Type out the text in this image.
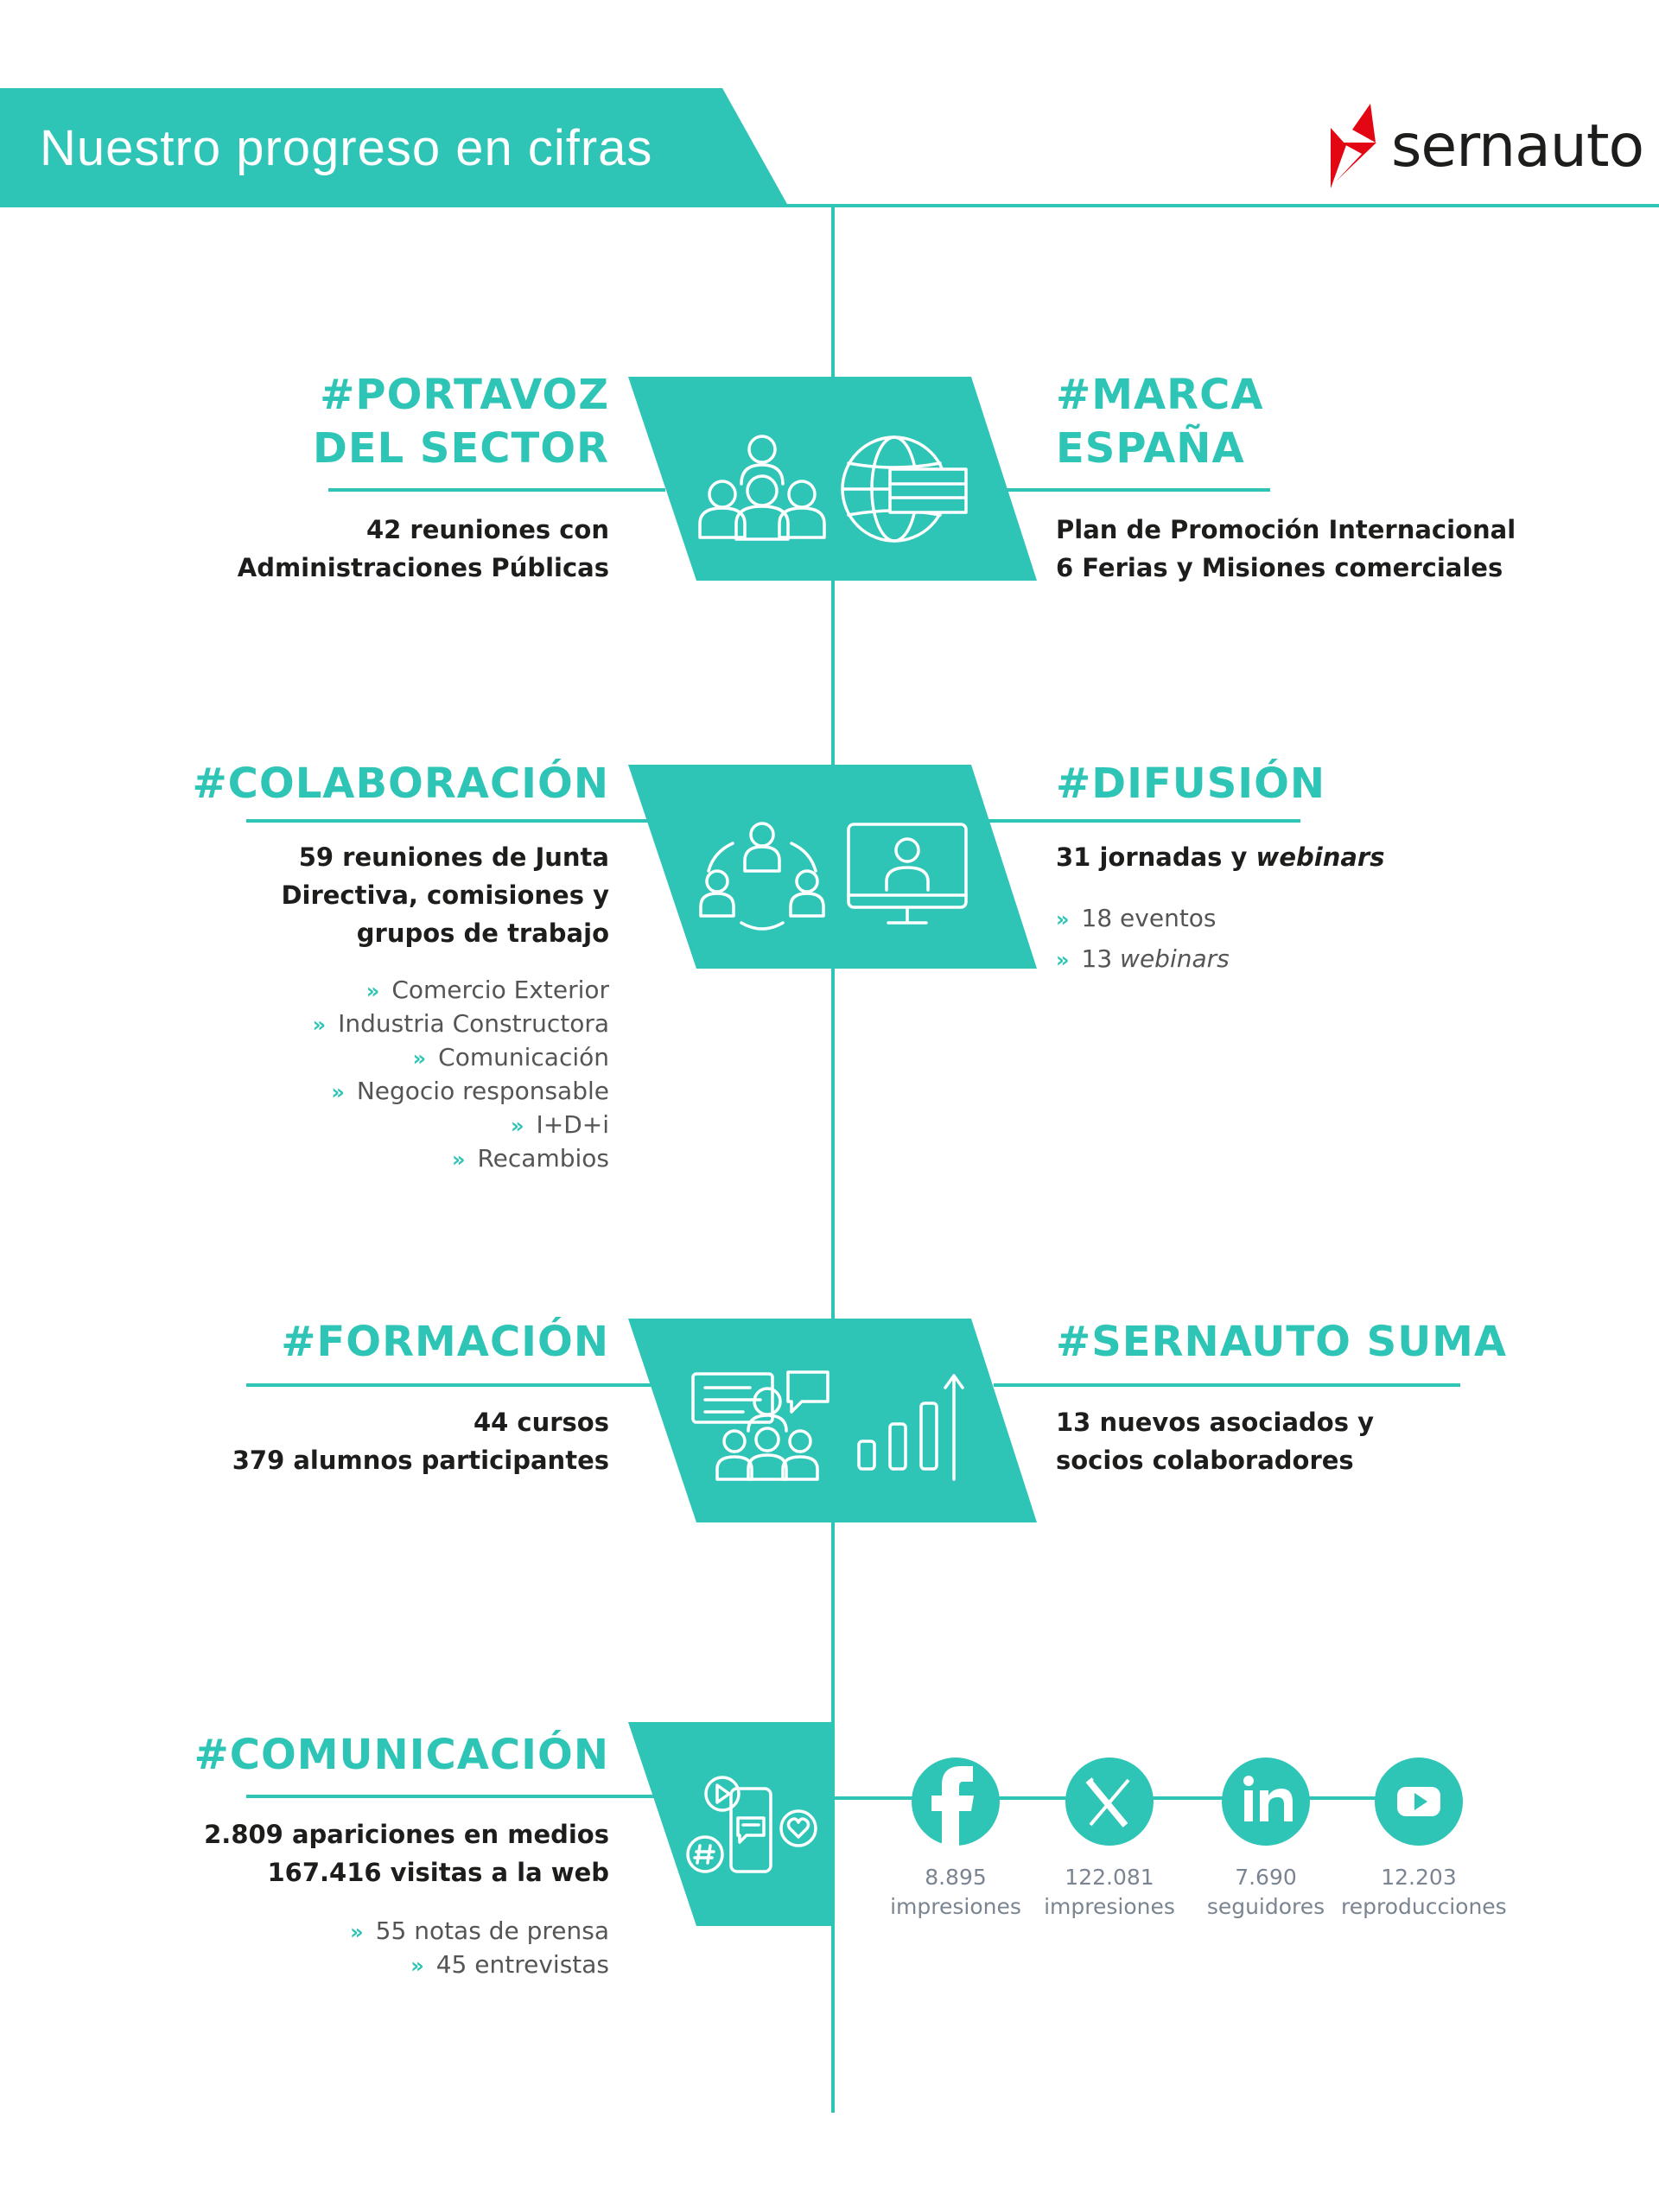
Nuestro progreso en cifras	sernauto
#PORTAVOZ
DEL SECTOR
42 reuniones con
Administraciones Públicas
#MARCA
ESPAÑA
Plan de Promoción Internacional
6 Ferias y Misiones comerciales
#COLABORACIÓN
59 reuniones de Junta
Directiva, comisiones y
grupos de trabajo
» Comercio Exterior
» Industria Constructora
» Comunicación
» Negocio responsable
» I+D+i
» Recambios
#DIFUSIÓN
31 jornadas y webinars
» 18 eventos
» 13 webinars
#FORMACIÓN
44 cursos
379 alumnos participantes
#SERNAUTO SUMA
13 nuevos asociados y
socios colaboradores
#COMUNICACIÓN
2.809 apariciones en medios
167.416 visitas a la web
» 55 notas de prensa
» 45 entrevistas
8.895
impresiones
122.081
impresiones
7.690
seguidores
12.203
reproducciones
